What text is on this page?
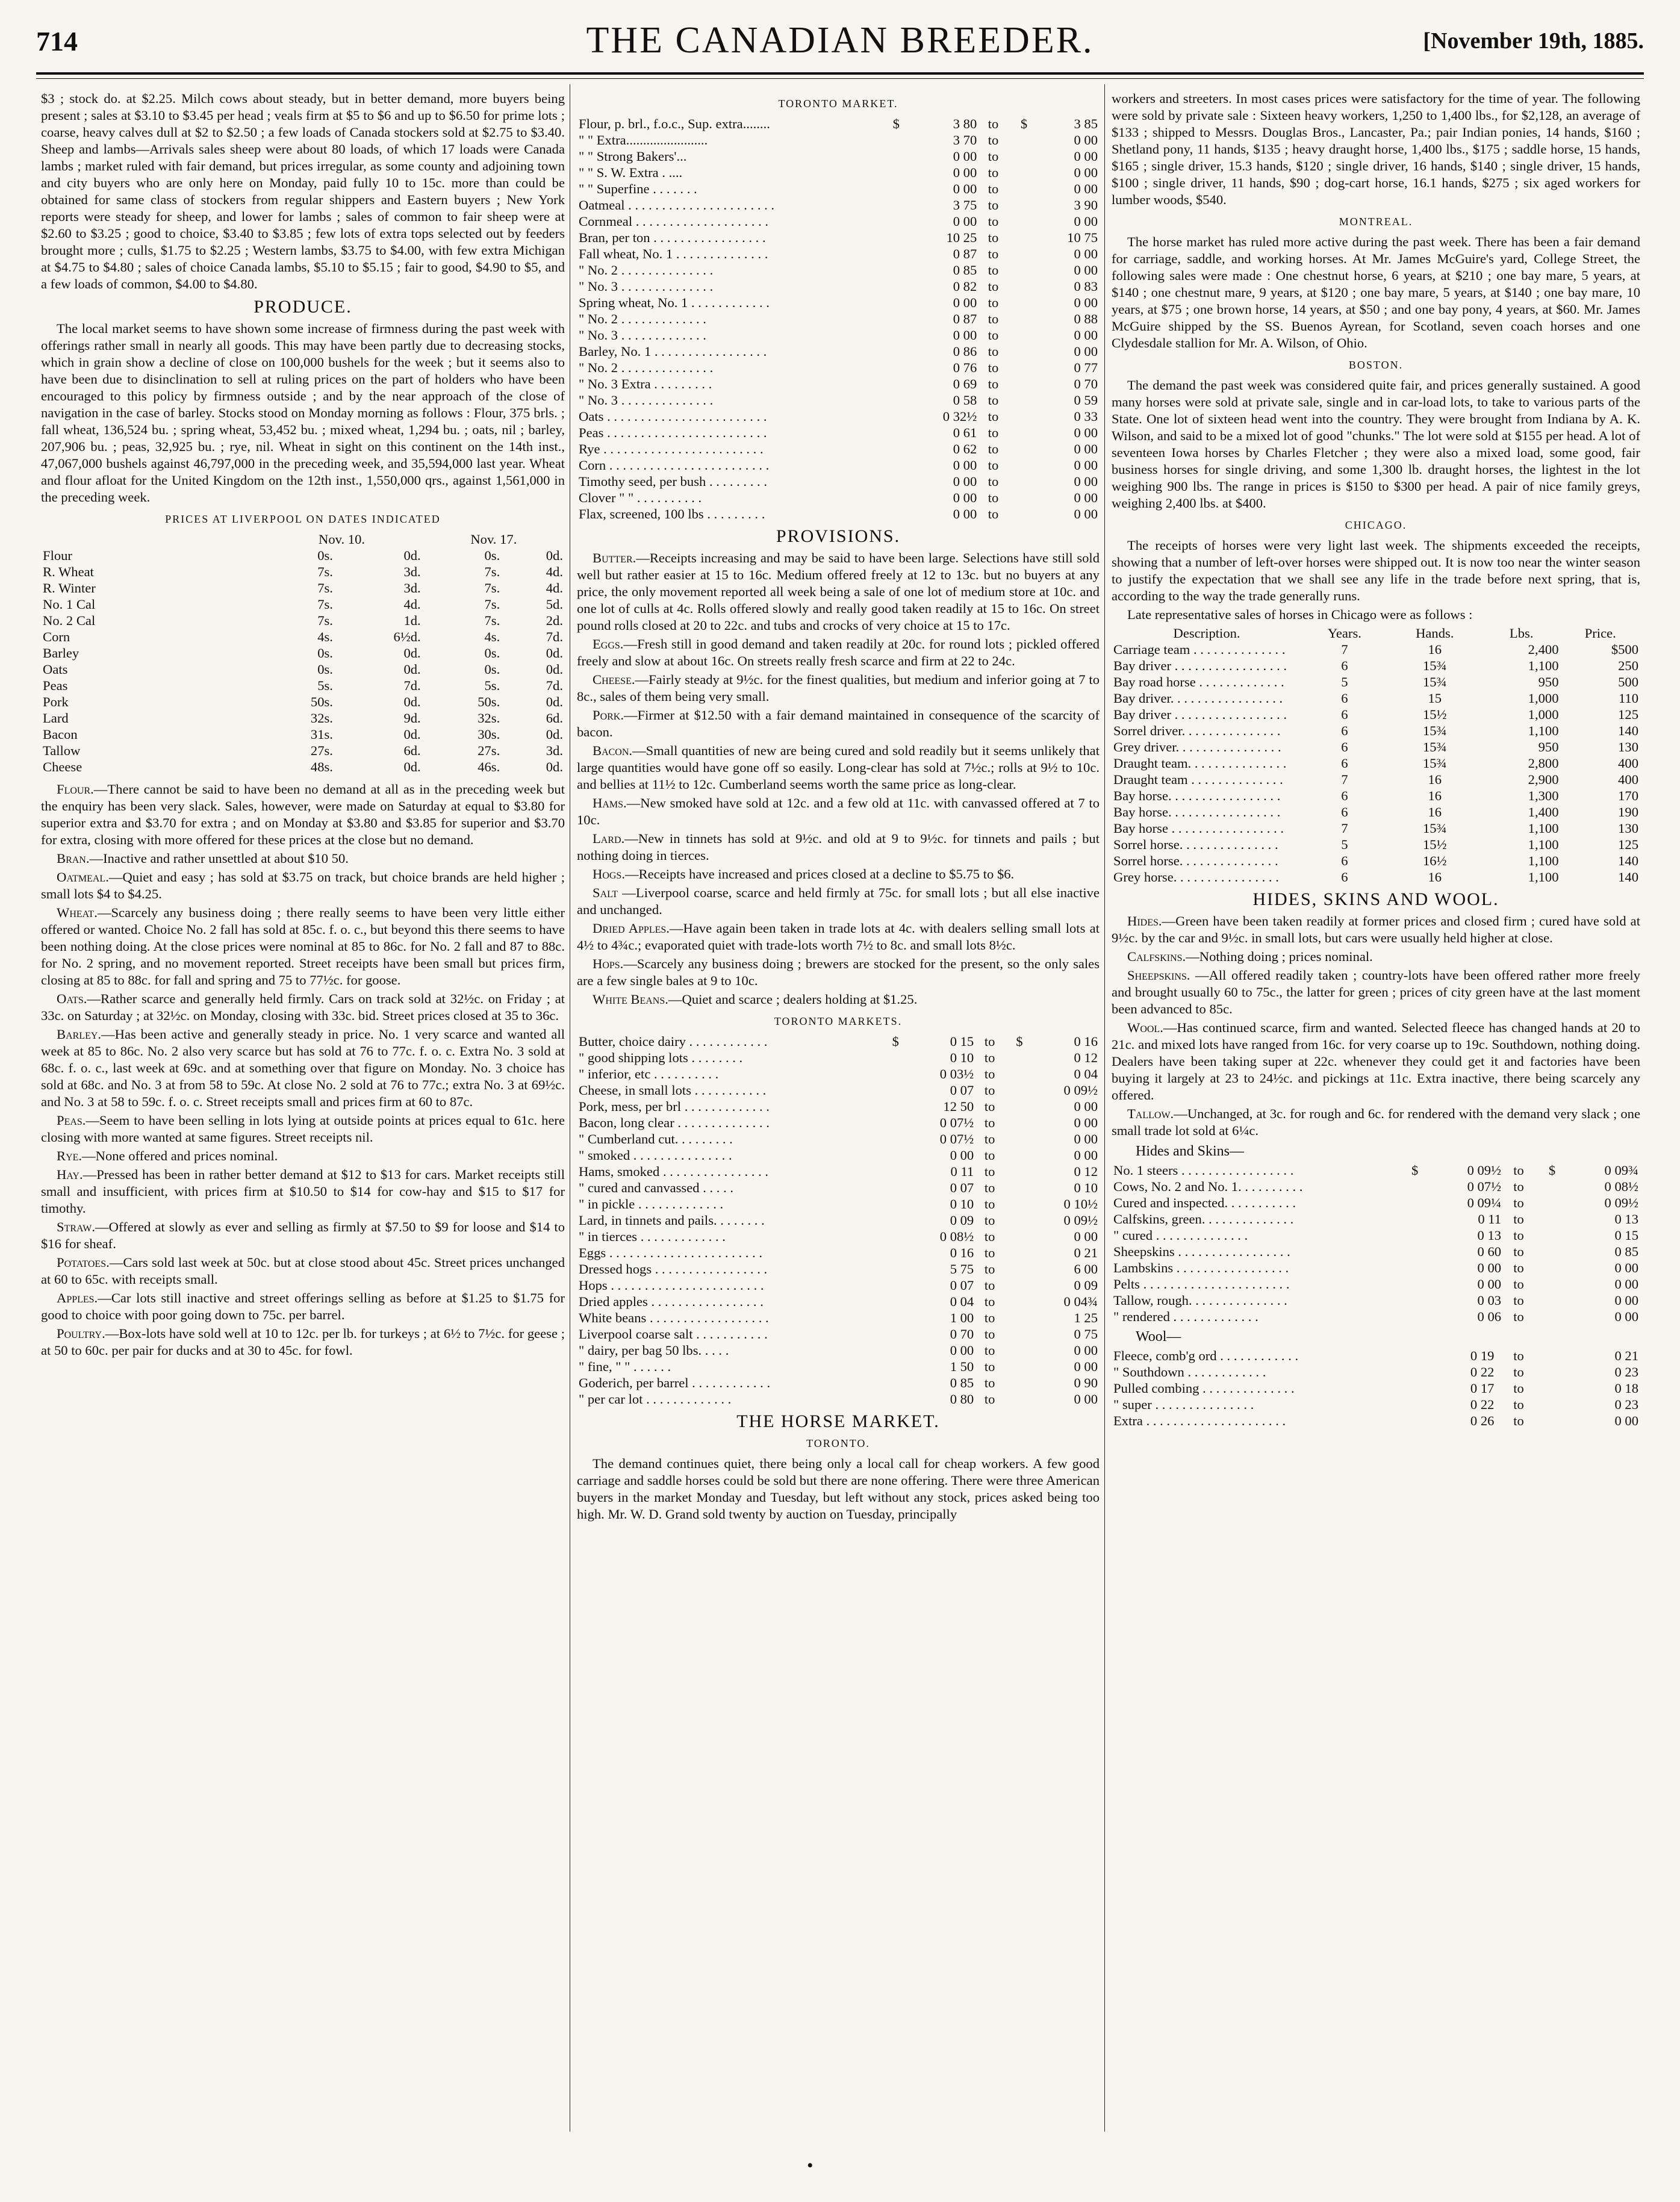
714	THE CANADIAN BREEDER.	[November 19th, 1885.

$3 ; stock do. at $2.25. Milch cows about steady, but in better demand, more buyers being present ; sales at $3.10 to $3.45 per head ; veals firm at $5 to $6 and up to $6.50 for prime lots ; coarse, heavy calves dull at $2 to $2.50 ; a few loads of Canada stockers sold at $2.75 to $3.40. Sheep and lambs—Arrivals sales sheep were about 80 loads, of which 17 loads were Canada lambs ; market ruled with fair demand, but prices irregular, as some county and adjoining town and city buyers who are only here on Monday, paid fully 10 to 15c. more than could be obtained for same class of stockers from regular shippers and Eastern buyers ; New York reports were steady for sheep, and lower for lambs ; sales of common to fair sheep were at $2.60 to $3.25 ; good to choice, $3.40 to $3.85 ; few lots of extra tops selected out by feeders brought more ; culls, $1.75 to $2.25 ; Western lambs, $3.75 to $4.00, with few extra Michigan at $4.75 to $4.80 ; sales of choice Canada lambs, $5.10 to $5.15 ; fair to good, $4.90 to $5, and a few loads of common, $4.00 to $4.80.

PRODUCE.

The local market seems to have shown some increase of firmness during the past week with offerings rather small in nearly all goods. This may have been partly due to decreasing stocks, which in grain show a decline of close on 100,000 bushels for the week ; but it seems also to have been due to disinclination to sell at ruling prices on the part of holders who have been encouraged to this policy by firmness outside ; and by the near approach of the close of navigation in the case of barley. Stocks stood on Monday morning as follows : Flour, 375 brls. ; fall wheat, 136,524 bu. ; spring wheat, 53,452 bu. ; mixed wheat, 1,294 bu. ; oats, nil ; barley, 207,906 bu. ; peas, 32,925 bu. ; rye, nil. Wheat in sight on this continent on the 14th inst., 47,067,000 bushels against 46,797,000 in the preceding week, and 35,594,000 last year. Wheat and flour afloat for the United Kingdom on the 12th inst., 1,550,000 qrs., against 1,561,000 in the preceding week.

PRICES AT LIVERPOOL ON DATES INDICATED
	Nov. 10.		Nov. 17.	
Flour	0s.	0d.	0s.	0d.
R. Wheat	7s.	3d.	7s.	4d.
R. Winter	7s.	3d.	7s.	4d.
No. 1 Cal	7s.	4d.	7s.	5d.
No. 2 Cal	7s.	1d.	7s.	2d.
Corn	4s.	6½d.	4s.	7d.
Barley	0s.	0d.	0s.	0d.
Oats	0s.	0d.	0s.	0d.
Peas	5s.	7d.	5s.	7d.
Pork	50s.	0d.	50s.	0d.
Lard	32s.	9d.	32s.	6d.
Bacon	31s.	0d.	30s.	0d.
Tallow	27s.	6d.	27s.	3d.
Cheese	48s.	0d.	46s.	0d.

Flour.—There cannot be said to have been no demand at all as in the preceding week but the enquiry has been very slack. Sales, however, were made on Saturday at equal to $3.80 for superior extra and $3.70 for extra ; and on Monday at $3.80 and $3.85 for superior and $3.70 for extra, closing with more offered for these prices at the close but no demand.

Bran.—Inactive and rather unsettled at about $10 50.

Oatmeal.—Quiet and easy ; has sold at $3.75 on track, but choice brands are held higher ; small lots $4 to $4.25.

Wheat.—Scarcely any business doing ; there really seems to have been very little either offered or wanted. Choice No. 2 fall has sold at 85c. f. o. c., but beyond this there seems to have been nothing doing. At the close prices were nominal at 85 to 86c. for No. 2 fall and 87 to 88c. for No. 2 spring, and no movement reported. Street receipts have been small but prices firm, closing at 85 to 88c. for fall and spring and 75 to 77½c. for goose.

Oats.—Rather scarce and generally held firmly. Cars on track sold at 32½c. on Friday ; at 33c. on Saturday ; at 32½c. on Monday, closing with 33c. bid. Street prices closed at 35 to 36c.

Barley.—Has been active and generally steady in price. No. 1 very scarce and wanted all week at 85 to 86c. No. 2 also very scarce but has sold at 76 to 77c. f. o. c. Extra No. 3 sold at 68c. f. o. c., last week at 69c. and at something over that figure on Monday. No. 3 choice has sold at 68c. and No. 3 at from 58 to 59c. At close No. 2 sold at 76 to 77c.; extra No. 3 at 69½c. and No. 3 at 58 to 59c. f. o. c. Street receipts small and prices firm at 60 to 87c.

Peas.—Seem to have been selling in lots lying at outside points at prices equal to 61c. here closing with more wanted at same figures. Street receipts nil.

Rye.—None offered and prices nominal.

Hay.—Pressed has been in rather better demand at $12 to $13 for cars. Market receipts still small and insufficient, with prices firm at $10.50 to $14 for cow-hay and $15 to $17 for timothy.

Straw.—Offered at slowly as ever and selling as firmly at $7.50 to $9 for loose and $14 to $16 for sheaf.

Potatoes.—Cars sold last week at 50c. but at close stood about 45c. Street prices unchanged at 60 to 65c. with receipts small.

Apples.—Car lots still inactive and street offerings selling as before at $1.25 to $1.75 for good to choice with poor going down to 75c. per barrel.

Poultry.—Box-lots have sold well at 10 to 12c. per lb. for turkeys ; at 6½ to 7½c. for geese ; at 50 to 60c. per pair for ducks and at 30 to 45c. for fowl.

TORONTO MARKET.
Flour, p. brl., f.o.c., Sup. extra........	$	3 80	to	$	3 85
" " Extra........................		3 70	to		0 00
" " Strong Bakers'...		0 00	to		0 00
" " S. W. Extra . ....		0 00	to		0 00
" " Superfine . . . . . . .		0 00	to		0 00
Oatmeal . . . . . . . . . . . . . . . . . . . . . .		3 75	to		3 90
Cornmeal . . . . . . . . . . . . . . . . . . . .		0 00	to		0 00
Bran, per ton . . . . . . . . . . . . . . . . .		10 25	to		10 75
Fall wheat, No. 1 . . . . . . . . . . . . . .		0 87	to		0 00
" No. 2 . . . . . . . . . . . . . .		0 85	to		0 00
" No. 3 . . . . . . . . . . . . . .		0 82	to		0 83
Spring wheat, No. 1 . . . . . . . . . . . .		0 00	to		0 00
" No. 2 . . . . . . . . . . . . .		0 87	to		0 88
" No. 3 . . . . . . . . . . . . .		0 00	to		0 00
Barley, No. 1 . . . . . . . . . . . . . . . . .		0 86	to		0 00
" No. 2 . . . . . . . . . . . . . .		0 76	to		0 77
" No. 3 Extra . . . . . . . . .		0 69	to		0 70
" No. 3 . . . . . . . . . . . . . .		0 58	to		0 59
Oats . . . . . . . . . . . . . . . . . . . . . . . .		0 32½	to		0 33
Peas . . . . . . . . . . . . . . . . . . . . . . . .		0 61	to		0 00
Rye . . . . . . . . . . . . . . . . . . . . . . . .		0 62	to		0 00
Corn . . . . . . . . . . . . . . . . . . . . . . . .		0 00	to		0 00
Timothy seed, per bush . . . . . . . . .		0 00	to		0 00
Clover " " . . . . . . . . . .		0 00	to		0 00
Flax, screened, 100 lbs . . . . . . . . .		0 00	to		0 00
PROVISIONS.

Butter.—Receipts increasing and may be said to have been large. Selections have still sold well but rather easier at 15 to 16c. Medium offered freely at 12 to 13c. but no buyers at any price, the only movement reported all week being a sale of one lot of medium store at 10c. and one lot of culls at 4c. Rolls offered slowly and really good taken readily at 15 to 16c. On street pound rolls closed at 20 to 22c. and tubs and crocks of very choice at 15 to 17c.

Eggs.—Fresh still in good demand and taken readily at 20c. for round lots ; pickled offered freely and slow at about 16c. On streets really fresh scarce and firm at 22 to 24c.

Cheese.—Fairly steady at 9½c. for the finest qualities, but medium and inferior going at 7 to 8c., sales of them being very small.

Pork.—Firmer at $12.50 with a fair demand maintained in consequence of the scarcity of bacon.

Bacon.—Small quantities of new are being cured and sold readily but it seems unlikely that large quantities would have gone off so easily. Long-clear has sold at 7½c.; rolls at 9½ to 10c. and bellies at 11½ to 12c. Cumberland seems worth the same price as long-clear.

Hams.—New smoked have sold at 12c. and a few old at 11c. with canvassed offered at 7 to 10c.

Lard.—New in tinnets has sold at 9½c. and old at 9 to 9½c. for tinnets and pails ; but nothing doing in tierces.

Hogs.—Receipts have increased and prices closed at a decline to $5.75 to $6.

Salt —Liverpool coarse, scarce and held firmly at 75c. for small lots ; but all else inactive and unchanged.

Dried Apples.—Have again been taken in trade lots at 4c. with dealers selling small lots at 4½ to 4¾c.; evaporated quiet with trade-lots worth 7½ to 8c. and small lots 8½c.

Hops.—Scarcely any business doing ; brewers are stocked for the present, so the only sales are a few single bales at 9 to 10c.

White Beans.—Quiet and scarce ; dealers holding at $1.25.

TORONTO MARKETS.
Butter, choice dairy . . . . . . . . . . . .	$	0 15	to	$	0 16
" good shipping lots . . . . . . . .		0 10	to		0 12
" inferior, etc . . . . . . . . . .		0 03½	to		0 04
Cheese, in small lots . . . . . . . . . . .		0 07	to		0 09½
Pork, mess, per brl . . . . . . . . . . . . .		12 50	to		0 00
Bacon, long clear . . . . . . . . . . . . . .		0 07½	to		0 00
" Cumberland cut. . . . . . . . .		0 07½	to		0 00
" smoked . . . . . . . . . . . . . . .		0 00	to		0 00
Hams, smoked . . . . . . . . . . . . . . . .		0 11	to		0 12
" cured and canvassed . . . . .		0 07	to		0 10
" in pickle . . . . . . . . . . . . .		0 10	to		0 10½
Lard, in tinnets and pails. . . . . . . .		0 09	to		0 09½
" in tierces . . . . . . . . . . . . .		0 08½	to		0 00
Eggs . . . . . . . . . . . . . . . . . . . . . . .		0 16	to		0 21
Dressed hogs . . . . . . . . . . . . . . . . .		5 75	to		6 00
Hops . . . . . . . . . . . . . . . . . . . . . . .		0 07	to		0 09
Dried apples . . . . . . . . . . . . . . . . .		0 04	to		0 04¾
White beans . . . . . . . . . . . . . . . . . .		1 00	to		1 25
Liverpool coarse salt . . . . . . . . . . .		0 70	to		0 75
" dairy, per bag 50 lbs. . . . .		0 00	to		0 00
" fine, " " . . . . . .		1 50	to		0 00
Goderich, per barrel . . . . . . . . . . . .		0 85	to		0 90
" per car lot . . . . . . . . . . . . .		0 80	to		0 00
THE HORSE MARKET.
TORONTO.

The demand continues quiet, there being only a local call for cheap workers. A few good carriage and saddle horses could be sold but there are none offering. There were three American buyers in the market Monday and Tuesday, but left without any stock, prices asked being too high. Mr. W. D. Grand sold twenty by auction on Tuesday, principally

workers and streeters. In most cases prices were satisfactory for the time of year. The following were sold by private sale : Sixteen heavy workers, 1,250 to 1,400 lbs., for $2,128, an average of $133 ; shipped to Messrs. Douglas Bros., Lancaster, Pa.; pair Indian ponies, 14 hands, $160 ; Shetland pony, 11 hands, $135 ; heavy draught horse, 1,400 lbs., $175 ; saddle horse, 15 hands, $165 ; single driver, 15.3 hands, $120 ; single driver, 16 hands, $140 ; single driver, 15 hands, $100 ; single driver, 11 hands, $90 ; dog-cart horse, 16.1 hands, $275 ; six aged workers for lumber woods, $540.

MONTREAL.

The horse market has ruled more active during the past week. There has been a fair demand for carriage, saddle, and working horses. At Mr. James McGuire's yard, College Street, the following sales were made : One chestnut horse, 6 years, at $210 ; one bay mare, 5 years, at $140 ; one chestnut mare, 9 years, at $120 ; one bay mare, 5 years, at $140 ; one bay mare, 10 years, at $75 ; one brown horse, 14 years, at $50 ; and one bay pony, 4 years, at $60. Mr. James McGuire shipped by the SS. Buenos Ayrean, for Scotland, seven coach horses and one Clydesdale stallion for Mr. A. Wilson, of Ohio.

BOSTON.

The demand the past week was considered quite fair, and prices generally sustained. A good many horses were sold at private sale, single and in car-load lots, to take to various parts of the State. One lot of sixteen head went into the country. They were brought from Indiana by A. K. Wilson, and said to be a mixed lot of good "chunks." The lot were sold at $155 per head. A lot of seventeen Iowa horses by Charles Fletcher ; they were also a mixed load, some good, fair business horses for single driving, and some 1,300 lb. draught horses, the lightest in the lot weighing 900 lbs. The range in prices is $150 to $300 per head. A pair of nice family greys, weighing 2,400 lbs. at $400.

CHICAGO.

The receipts of horses were very light last week. The shipments exceeded the receipts, showing that a number of left-over horses were shipped out. It is now too near the winter season to justify the expectation that we shall see any life in the trade before next spring, that is, according to the way the trade generally runs.

Late representative sales of horses in Chicago were as follows :

Description.	Years.	Hands.	Lbs.	Price.
Carriage team . . . . . . . . . . . . . .	7	16	2,400	$500
Bay driver . . . . . . . . . . . . . . . . .	6	15¾	1,100	250
Bay road horse . . . . . . . . . . . . .	5	15¾	950	500
Bay driver. . . . . . . . . . . . . . . . .	6	15	1,000	110
Bay driver . . . . . . . . . . . . . . . . .	6	15½	1,000	125
Sorrel driver. . . . . . . . . . . . . . .	6	15¾	1,100	140
Grey driver. . . . . . . . . . . . . . . .	6	15¾	950	130
Draught team. . . . . . . . . . . . . . .	6	15¾	2,800	400
Draught team . . . . . . . . . . . . . .	7	16	2,900	400
Bay horse. . . . . . . . . . . . . . . . .	6	16	1,300	170
Bay horse. . . . . . . . . . . . . . . . .	6	16	1,400	190
Bay horse . . . . . . . . . . . . . . . . .	7	15¾	1,100	130
Sorrel horse. . . . . . . . . . . . . . .	5	15½	1,100	125
Sorrel horse. . . . . . . . . . . . . . .	6	16½	1,100	140
Grey horse. . . . . . . . . . . . . . . .	6	16	1,100	140
HIDES, SKINS AND WOOL.

Hides.—Green have been taken readily at former prices and closed firm ; cured have sold at 9½c. by the car and 9½c. in small lots, but cars were usually held higher at close.

Calfskins.—Nothing doing ; prices nominal.

Sheepskins. —All offered readily taken ; country-lots have been offered rather more freely and brought usually 60 to 75c., the latter for green ; prices of city green have at the last moment been advanced to 85c.

Wool.—Has continued scarce, firm and wanted. Selected fleece has changed hands at 20 to 21c. and mixed lots have ranged from 16c. for very coarse up to 19c. Southdown, nothing doing. Dealers have been taking super at 22c. whenever they could get it and factories have been buying it largely at 23 to 24½c. and pickings at 11c. Extra inactive, there being scarcely any offered.

Tallow.—Unchanged, at 3c. for rough and 6c. for rendered with the demand very slack ; one small trade lot sold at 6¼c.

Hides and Skins—
No. 1 steers . . . . . . . . . . . . . . . . .	$	0 09½	to	$	0 09¾
Cows, No. 2 and No. 1. . . . . . . . . .		0 07½	to		0 08½
Cured and inspected. . . . . . . . . . .		0 09¼	to		0 09½
Calfskins, green. . . . . . . . . . . . . .		0 11	to		0 13
" cured . . . . . . . . . . . . . .		0 13	to		0 15
Sheepskins . . . . . . . . . . . . . . . . .		0 60	to		0 85
Lambskins . . . . . . . . . . . . . . . . .		0 00	to		0 00
Pelts . . . . . . . . . . . . . . . . . . . . . .		0 00	to		0 00
Tallow, rough. . . . . . . . . . . . . . .		0 03	to		0 00
" rendered . . . . . . . . . . . . .		0 06	to		0 00
Wool—
Fleece, comb'g ord . . . . . . . . . . . .		0 19	to		0 21
" Southdown . . . . . . . . . . . .		0 22	to		0 23
Pulled combing . . . . . . . . . . . . . .		0 17	to		0 18
" super . . . . . . . . . . . . . . .		0 22	to		0 23
Extra . . . . . . . . . . . . . . . . . . . . .		0 26	to		0 00
•
